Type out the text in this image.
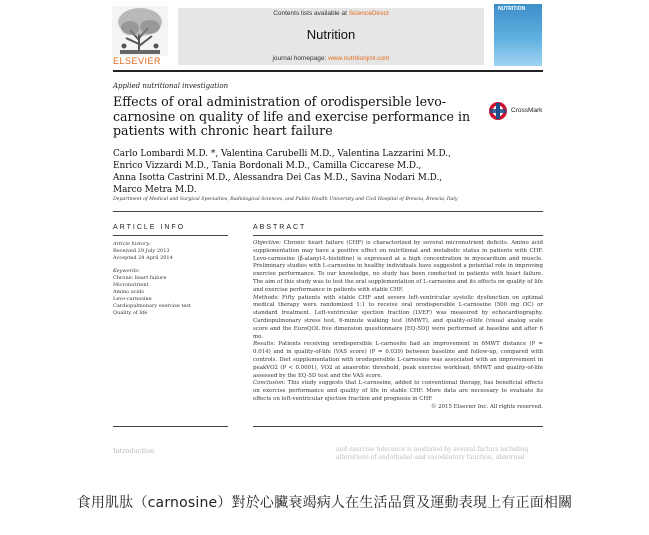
ELSEVIER
Contents lists available at ScienceDirect
Nutrition
journal homepage: www.nutritionjrnl.com
NUTRITION
Applied nutritional investigation
Effects of oral administration of orodispersible levo-carnosine on quality of life and exercise performance in patients with chronic heart failure
CrossMark
Carlo Lombardi M.D. *, Valentina Carubelli M.D., Valentina Lazzarini M.D.,
Enrico Vizzardi M.D., Tania Bordonali M.D., Camilla Ciccarese M.D.,
Anna Isotta Castrini M.D., Alessandra Dei Cas M.D., Savina Nodari M.D.,
Marco Metra M.D.
Department of Medical and Surgical Specialties, Radiological Sciences, and Public Health University and Civil Hospital of Brescia, Brescia, Italy
ARTICLE INFO
Article history:
Received 29 July 2013
Accepted 24 April 2014
Keywords:
Chronic heart failure
Micronutrient
Amino acids
Levo-carnosine
Cardiopulmonary exercise test
Quality of life
ABSTRACT

Objective: Chronic heart failure (CHF) is characterized by several micronutrient deficits. Amino acid supplementation may have a positive effect on nutritional and metabolic status in patients with CHF. Levo-carnosine (β-alanyl-L-histidine) is expressed at a high concentration in myocardium and muscle. Preliminary studies with L-carnosine in healthy individuals have suggested a potential role in improving exercise performance. To our knowledge, no study has been conducted in patients with heart failure. The aim of this study was to test the oral supplementation of L-carnosine and its effects on quality of life and exercise performance in patients with stable CHF.

Methods: Fifty patients with stable CHF and severe left-ventricular systolic dysfunction on optimal medical therapy were randomized 1:1 to receive oral orodispersible L-carnosine (500 mg OC) or standard treatment. Left-ventricular ejection fraction (LVEF) was measured by echocardiography. Cardiopulmonary stress test, 6-minute walking test (6MWT), and quality-of-life (visual analog scale score and the EuroQOL five dimension questionnaire [EQ-5D]) were performed at baseline and after 6 mo.

Results: Patients receiving orodispersible L-carnosite had an improvement in 6MWT distance (P = 0.014) and in quality-of-life (VAS score) (P = 0.039) between baseline and follow-up, compared with controls. Diet supplementation with orodispersible L-carnosine was associated with an improvement in peakVO2 (P < 0.0001), VO2 at anaerobic threshold, peak exercise workload, 6MWT and quality-of-life assessed by the EQ-5D test and the VAS score.

Conclusion: This study suggests that L-carnosine, added to conventional therapy, has beneficial effects on exercise performance and quality of life in stable CHF. More data are necessary to evaluate its effects on left-ventricular ejection fraction and prognosis in CHF.

© 2015 Elsevier Inc. All rights reserved.

Introduction	and exercise tolerance is mediated by several factors including alterations of endothelial and vasodilatory function, abnormal
食用肌肽（carnosine）對於心臟衰竭病人在生活品質及運動表現上有正面相關
